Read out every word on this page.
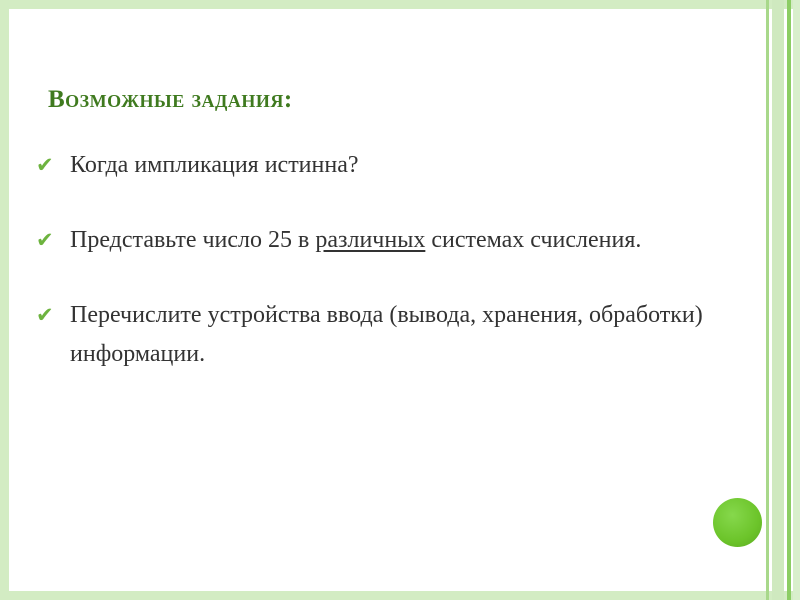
Возможные задания:
✔ Когда импликация истинна?
✔ Представьте число 25 в различных системах счисления.
✔ Перечислите устройства ввода (вывода, хранения, обработки) информации.
